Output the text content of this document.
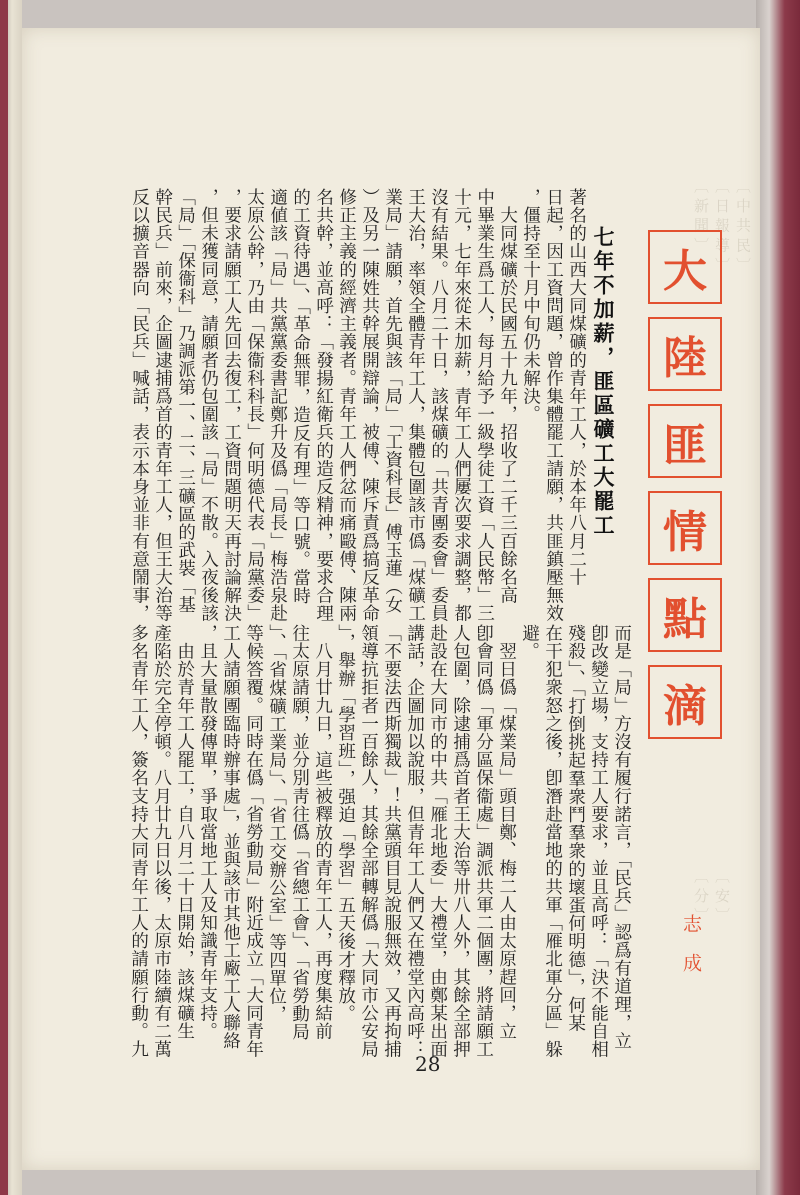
〔 中 共 民 〕
〔 日 報 導 〕
〔 新 聞 〕
〔 安 〕
〔 分 〕
大
陸
匪
情
點
滴
七年不加薪，匪區礦工大罷工
著名的山西大同煤礦的青年工人，於本年八月二十
日起，因工資問題，曾作集體罷工請願，共匪鎮壓無效
，僵持至十月中旬仍未解決。
　大同煤礦於民國五十九年，招收了二千三百餘名高
中畢業生爲工人，每月給予一級學徒工資「人民幣」三
十元，七年來從未加薪，青年工人們屢次要求調整，都
沒有結果。八月二十日，該煤礦的「共青團委會」委員
王大治，率領全體青年工人，集體包圍該市僞「煤礦工
業局」請願，首先與該「局」「工資科長」傅玉蓮（女
）及另一陳姓共幹展開辯論，被傅、陳斥責爲搞反革命
修正主義的經濟主義者。青年工人們忿而痛毆傅、陳兩
名共幹，並高呼：「發揚紅衛兵的造反精神，要求合理
的工資待遇」、「革命無罪，造反有理」等口號。當時
適値該「局」共黨黨委書記鄭升及僞「局長」梅浩泉赴
太原公幹，乃由「保衞科科長」何明德代表「局黨委」
，要求請願工人先回去復工，工資問題明天再討論解決
，但未獲同意，請願者仍包圍該「局」不散。入夜後該
「局」「保衞科」乃調派第一、二、三礦區的武裝「基
幹民兵」前來，企圖逮捕爲首的青年工人，但王大治等
反以擴音器向「民兵」喊話，表示本身並非有意鬧事，
而是「局」方沒有履行諾言，「民兵」認爲有道理，立
卽改變立場，支持工人要求，並且高呼：「決不能自相
殘殺」、「打倒挑起羣衆鬥羣衆的壞蛋何明德」，何某
在干犯衆怒之後，卽潛赴當地的共軍「雁北軍分區」躲
避。
　翌日僞「煤業局」頭目鄭、梅二人由太原趕回，立
卽會同僞「軍分區保衞處」調派共軍二個團，將請願工
人包圍，除逮捕爲首者王大治等卅八人外，其餘全部押
赴設在大同市的中共「雁北地委」大禮堂，由鄭某出面
講話，企圖加以說服，但青年工人們又在禮堂內高呼：
「不要法西斯獨裁」！共黨頭目見說服無效，又再拘捕
領導抗拒者一百餘人，其餘全部轉解僞「大同市公安局
」，舉辦「學習班」，强迫「學習」五天後才釋放。
　八月廿九日，這些被釋放的青年工人，再度集結前
往太原請願，並分別靑往僞「省總工會」、「省勞動局
」、「省煤礦工業局」、「省工交辦公室」等四單位，
等候答覆。同時在僞「省勞動局」附近成立「大同青年
工人請願團臨時辦事處」，並與該市其他工廠工人聯絡
，且大量散發傳單，爭取當地工人及知識青年支持。
　由於青年工人罷工，自八月二十日開始，該煤礦生
產陷於完全停頓。八月廿九日以後，太原市陸續有二萬
多名青年工人，簽名支持大同青年工人的請願行動。九	志成
28
